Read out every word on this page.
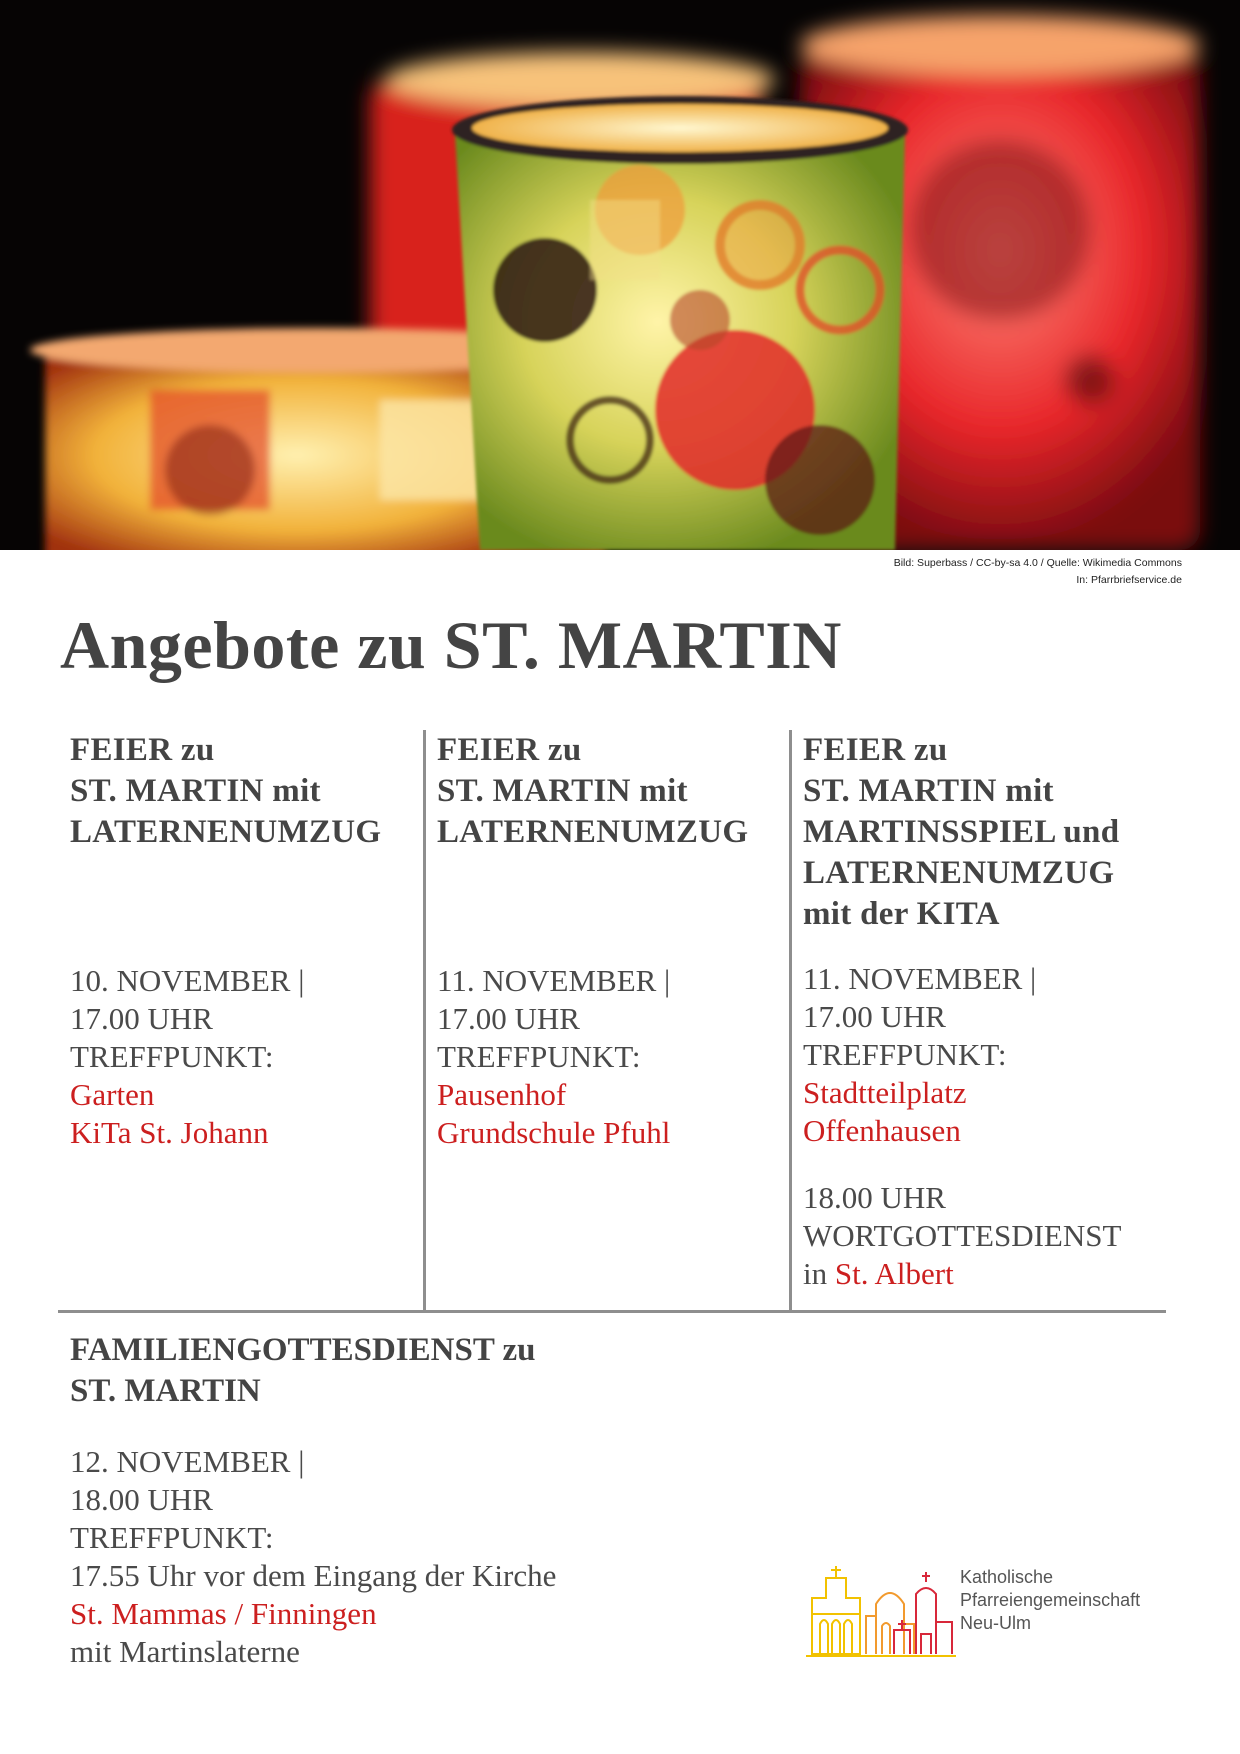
Bild: Superbass / CC-by-sa 4.0 / Quelle: Wikimedia Commons
In: Pfarrbriefservice.de
Angebote zu ST. MARTIN
FEIER zu
ST. MARTIN mit
LATERNENUMZUG
10. NOVEMBER |
17.00 UHR
TREFFPUNKT:
Garten
KiTa St. Johann
FEIER zu
ST. MARTIN mit
LATERNENUMZUG
11. NOVEMBER |
17.00 UHR
TREFFPUNKT:
Pausenhof
Grundschule Pfuhl
FEIER zu
ST. MARTIN mit
MARTINSSPIEL und
LATERNENUMZUG
mit der KITA
11. NOVEMBER |
17.00 UHR
TREFFPUNKT:
Stadtteilplatz
Offenhausen
18.00 UHR
WORTGOTTESDIENST
in St. Albert
FAMILIENGOTTESDIENST zu
ST. MARTIN
12. NOVEMBER |
18.00 UHR
TREFFPUNKT:
17.55 Uhr vor dem Eingang der Kirche
St. Mammas / Finningen
mit Martinslaterne
Katholische
Pfarreiengemeinschaft
Neu-Ulm
